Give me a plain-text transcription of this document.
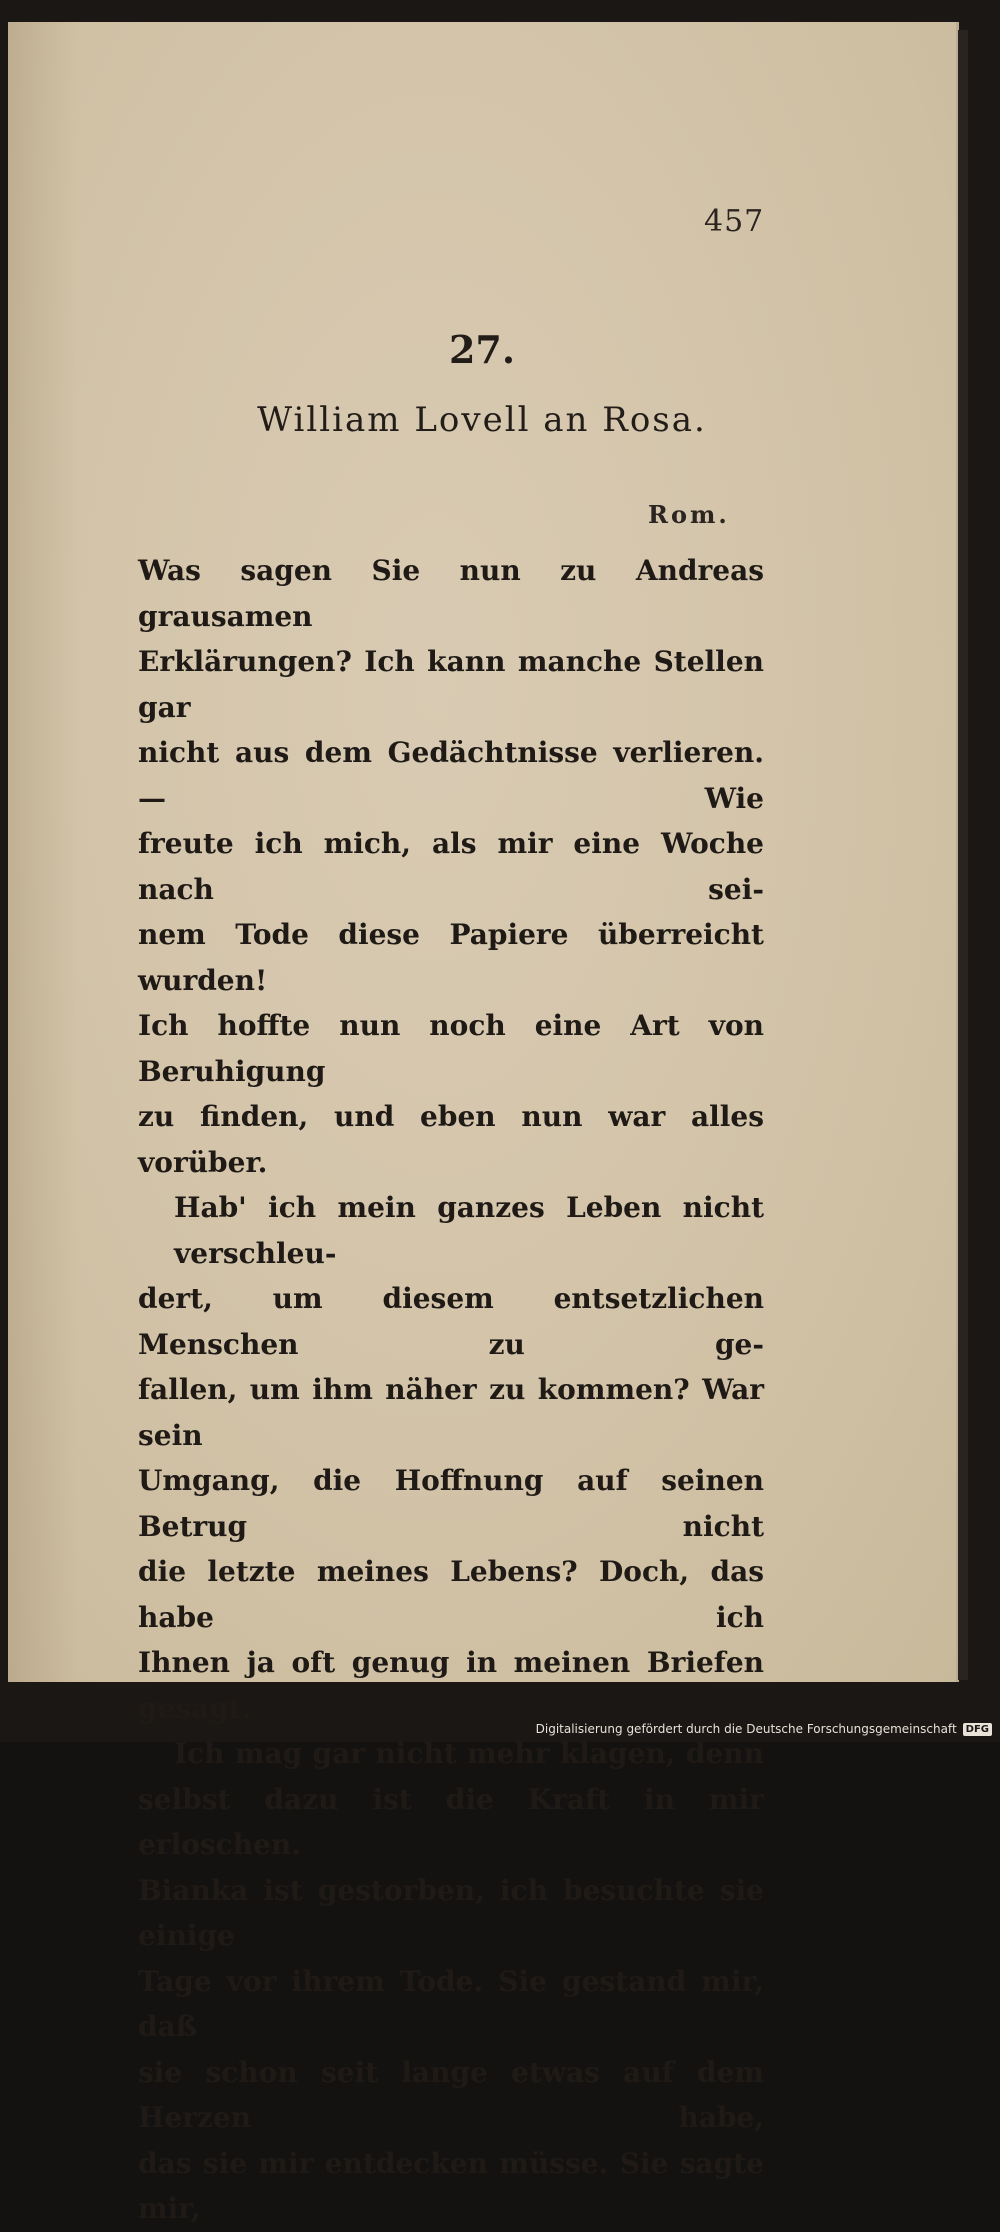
457
27.
William Lovell an Rosa.
Rom.
Was sagen Sie nun zu Andreas grausamen
Erklärungen? Ich kann manche Stellen gar
nicht aus dem Gedächtnisse verlieren. — Wie
freute ich mich, als mir eine Woche nach sei-
nem Tode diese Papiere überreicht wurden!
Ich hoffte nun noch eine Art von Beruhigung
zu finden, und eben nun war alles vorüber.
Hab' ich mein ganzes Leben nicht verschleu-
dert, um diesem entsetzlichen Menschen zu ge-
fallen, um ihm näher zu kommen? War sein
Umgang, die Hoffnung auf seinen Betrug nicht
die letzte meines Lebens? Doch, das habe ich
Ihnen ja oft genug in meinen Briefen gesagt.
Ich mag gar nicht mehr klagen, denn
selbst dazu ist die Kraft in mir erloschen.
Bianka ist gestorben, ich besuchte sie einige
Tage vor ihrem Tode. Sie gestand mir, daß
sie schon seit lange etwas auf dem Herzen habe,
das sie mir entdecken müsse. Sie sagte mir,
Digitalisierung gefördert durch die Deutsche Forschungsgemeinschaft DFG
